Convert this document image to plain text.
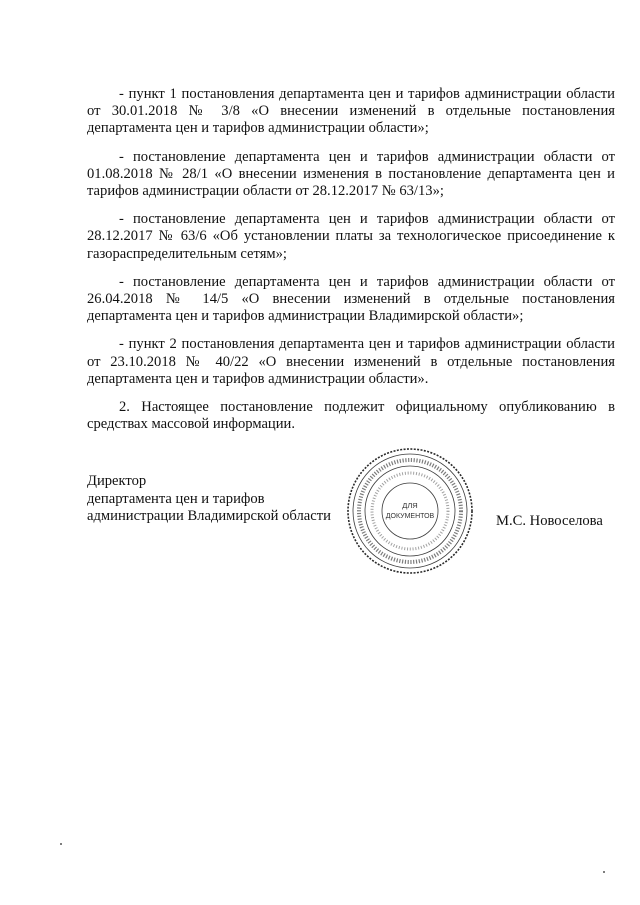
- пункт 1 постановления департамента цен и тарифов администрации области от 30.01.2018 № 3/8 «О внесении изменений в отдельные постановления департамента цен и тарифов администрации области»;

- постановление департамента цен и тарифов администрации области от 01.08.2018 № 28/1 «О внесении изменения в постановление департамента цен и тарифов администрации области от 28.12.2017 № 63/13»;

- постановление департамента цен и тарифов администрации области от 28.12.2017 № 63/6 «Об установлении платы за технологическое присоединение к газораспределительным сетям»;

- постановление департамента цен и тарифов администрации области от 26.04.2018 № 14/5 «О внесении изменений в отдельные постановления департамента цен и тарифов администрации Владимирской области»;

- пункт 2 постановления департамента цен и тарифов администрации области от 23.10.2018 № 40/22 «О внесении изменений в отдельные постановления департамента цен и тарифов администрации области».

2. Настоящее постановление подлежит официальному опубликованию в средствах массовой информации.

Директор
департамента цен и тарифов
администрации Владимирской области
ДЛЯ
ДОКУМЕНТОВ	М.С. Новоселова
